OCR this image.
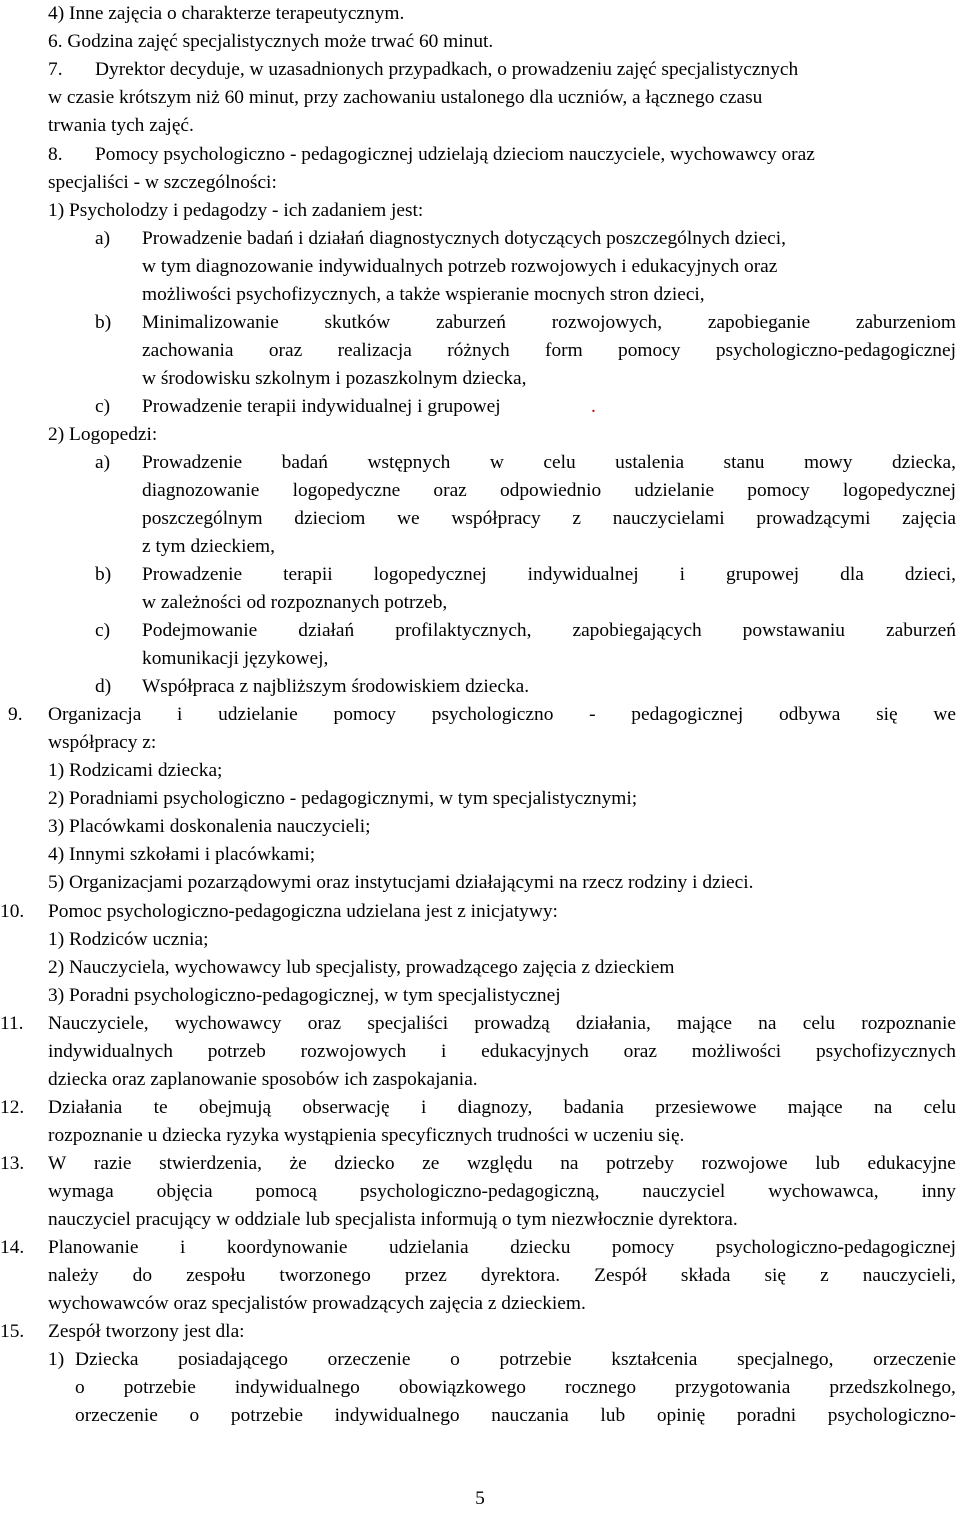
4) Inne zajęcia o charakterze terapeutycznym.
6. Godzina zajęć specjalistycznych może trwać 60 minut.
7. Dyrektor decyduje, w uzasadnionych przypadkach, o prowadzeniu zajęć specjalistycznych
w czasie krótszym niż 60 minut, przy zachowaniu ustalonego dla uczniów, a łącznego czasu
trwania tych zajęć.
8. Pomocy psychologiczno - pedagogicznej udzielają dzieciom nauczyciele, wychowawcy oraz
specjaliści - w szczególności:
1) Psycholodzy i pedagodzy - ich zadaniem jest:
a) Prowadzenie badań i działań diagnostycznych dotyczących poszczególnych dzieci,
w tym diagnozowanie indywidualnych potrzeb rozwojowych i edukacyjnych oraz
możliwości psychofizycznych, a także wspieranie mocnych stron dzieci,
b) Minimalizowanie skutków zaburzeń rozwojowych, zapobieganie zaburzeniom
zachowania oraz realizacja różnych form pomocy psychologiczno-pedagogicznej
w środowisku szkolnym i pozaszkolnym dziecka,
c) Prowadzenie terapii indywidualnej i grupowej	.
2) Logopedzi:
a) Prowadzenie badań wstępnych w celu ustalenia stanu mowy dziecka,
diagnozowanie logopedyczne oraz odpowiednio udzielanie pomocy logopedycznej
poszczególnym dzieciom we współpracy z nauczycielami prowadzącymi zajęcia
z tym dzieckiem,
b) Prowadzenie terapii logopedycznej indywidualnej i grupowej dla dzieci,
w zależności od rozpoznanych potrzeb,
c) Podejmowanie działań profilaktycznych, zapobiegających powstawaniu zaburzeń
komunikacji językowej,
d) Współpraca z najbliższym środowiskiem dziecka.
9. Organizacja i udzielanie pomocy psychologiczno - pedagogicznej odbywa się we
współpracy z:
1) Rodzicami dziecka;
2) Poradniami psychologiczno - pedagogicznymi, w tym specjalistycznymi;
3) Placówkami doskonalenia nauczycieli;
4) Innymi szkołami i placówkami;
5) Organizacjami pozarządowymi oraz instytucjami działającymi na rzecz rodziny i dzieci.
10. Pomoc psychologiczno-pedagogiczna udzielana jest z inicjatywy:
1) Rodziców ucznia;
2) Nauczyciela, wychowawcy lub specjalisty, prowadzącego zajęcia z dzieckiem
3) Poradni psychologiczno-pedagogicznej, w tym specjalistycznej
11. Nauczyciele, wychowawcy oraz specjaliści prowadzą działania, mające na celu rozpoznanie
indywidualnych potrzeb rozwojowych i edukacyjnych oraz możliwości psychofizycznych
dziecka oraz zaplanowanie sposobów ich zaspokajania.
12. Działania te obejmują obserwację i diagnozy, badania przesiewowe mające na celu
rozpoznanie u dziecka ryzyka wystąpienia specyficznych trudności w uczeniu się.
13. W razie stwierdzenia, że dziecko ze względu na potrzeby rozwojowe lub edukacyjne
wymaga objęcia pomocą psychologiczno-pedagogiczną, nauczyciel wychowawca, inny
nauczyciel pracujący w oddziale lub specjalista informują o tym niezwłocznie dyrektora.
14. Planowanie i koordynowanie udzielania dziecku pomocy psychologiczno-pedagogicznej
należy do zespołu tworzonego przez dyrektora. Zespół składa się z nauczycieli,
wychowawców oraz specjalistów prowadzących zajęcia z dzieckiem.
15. Zespół tworzony jest dla:
1) Dziecka posiadającego orzeczenie o potrzebie kształcenia specjalnego, orzeczenie
o potrzebie indywidualnego obowiązkowego rocznego przygotowania przedszkolnego,
orzeczenie o potrzebie indywidualnego nauczania lub opinię poradni psychologiczno-
5
